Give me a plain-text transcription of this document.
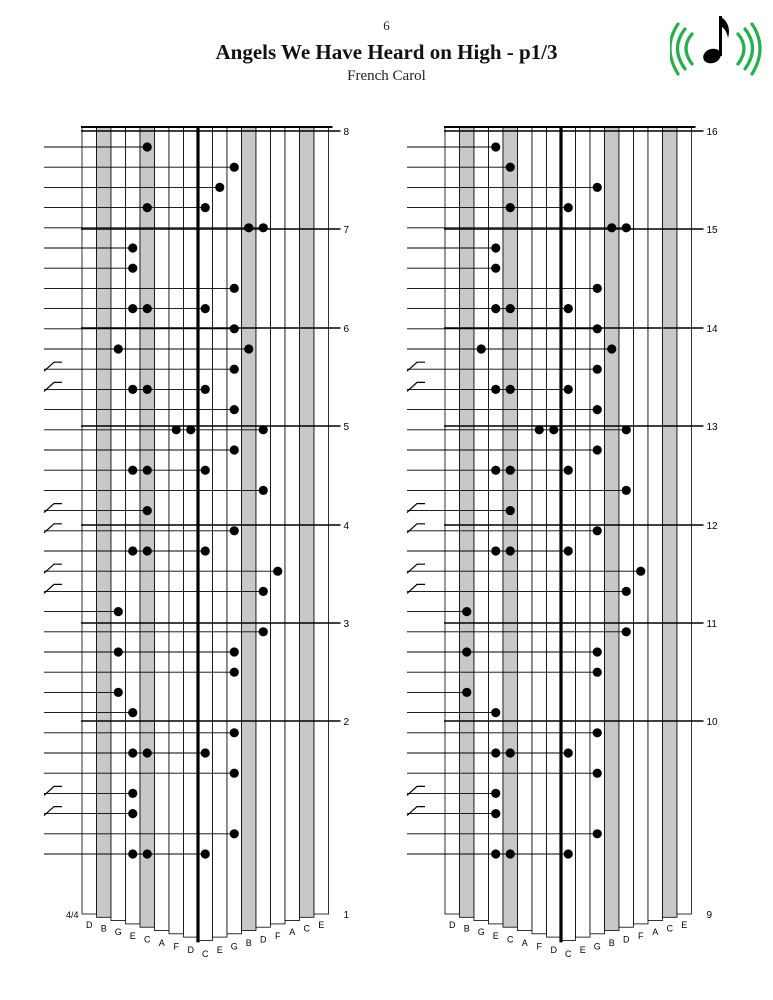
6
Angels We Have Heard on High - p1/3
French Carol
D B G E C A F D C E G B D F A C E
1
2
3
4
5
6
7
8
4/4
D B G E C A F D C E G B D F A C E
9
10
11
12
13
14
15
16
